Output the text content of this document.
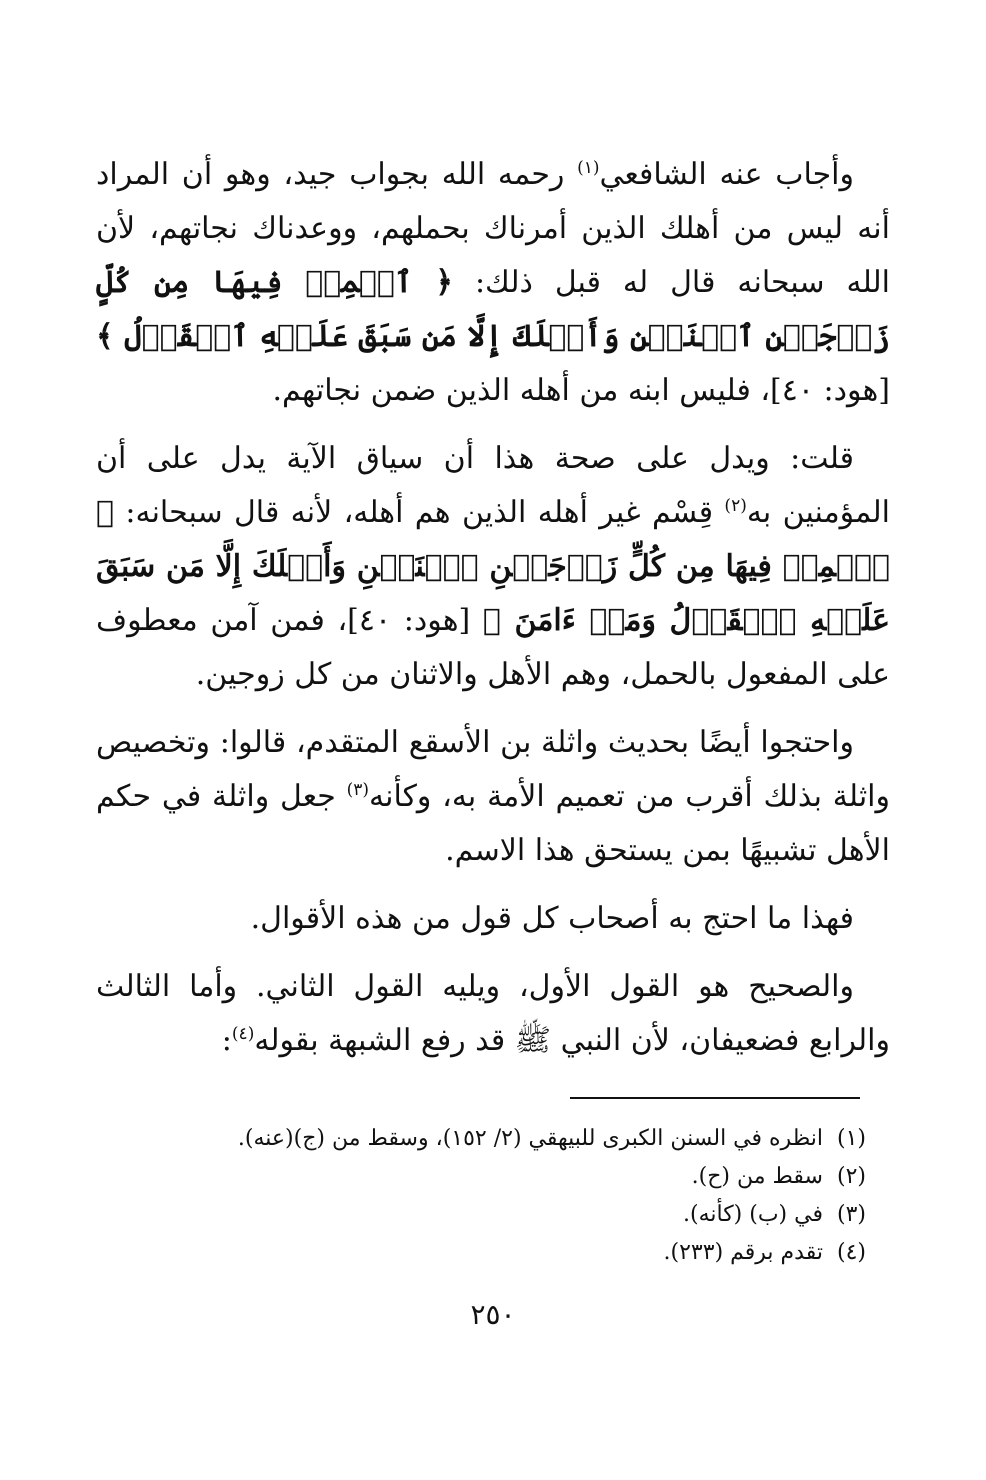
وأجاب عنه الشافعي$^{(١)}$ رحمه الله بجواب جيد، وهو أن المراد أنه ليس من أهلك الذين أمرناك بحملهم، ووعدناك نجاتهم، لأن الله سبحانه قال له قبل ذلك: ﴿ ٱحۡمِلۡ فِيهَا مِن كُلٍّ زَوۡجَيۡنِ ٱثۡنَيۡنِ وَأَهۡلَكَ إِلَّا مَن سَبَقَ عَلَيۡهِ ٱلۡقَوۡلُ ﴾ [هود: ٤٠]، فليس ابنه من أهله الذين ضمن نجاتهم.

قلت: ويدل على صحة هذا أن سياق الآية يدل على أن المؤمنين به$^{(٢)}$ قِسْم غير أهله الذين هم أهله، لأنه قال سبحانه: ﴿ ٱحۡمِلۡ فِيهَا مِن كُلٍّ زَوۡجَيۡنِ ٱثۡنَيۡنِ وَأَهۡلَكَ إِلَّا مَن سَبَقَ عَلَيۡهِ ٱلۡقَوۡلُ وَمَنۡ ءَامَنَ ﴾ [هود: ٤٠]، فمن آمن معطوف على المفعول بالحمل، وهم الأهل والاثنان من كل زوجين.

واحتجوا أيضًا بحديث واثلة بن الأسقع المتقدم، قالوا: وتخصيص واثلة بذلك أقرب من تعميم الأمة به، وكأنه$^{(٣)}$ جعل واثلة في حكم الأهل تشبيهًا بمن يستحق هذا الاسم.

فهذا ما احتج به أصحاب كل قول من هذه الأقوال.

والصحيح هو القول الأول، ويليه القول الثاني. وأما الثالث والرابع فضعيفان، لأن النبي ﷺ قد رفع الشبهة بقوله$^{(٤)}$:

(١)
انظره في السنن الكبرى للبيهقي (٢/ ١٥٢)، وسقط من (ج)(عنه).
(٢)
سقط من (ح).
(٣)
في (ب) (كأنه).
(٤)
تقدم برقم (٢٣٣).
٢٥٠
